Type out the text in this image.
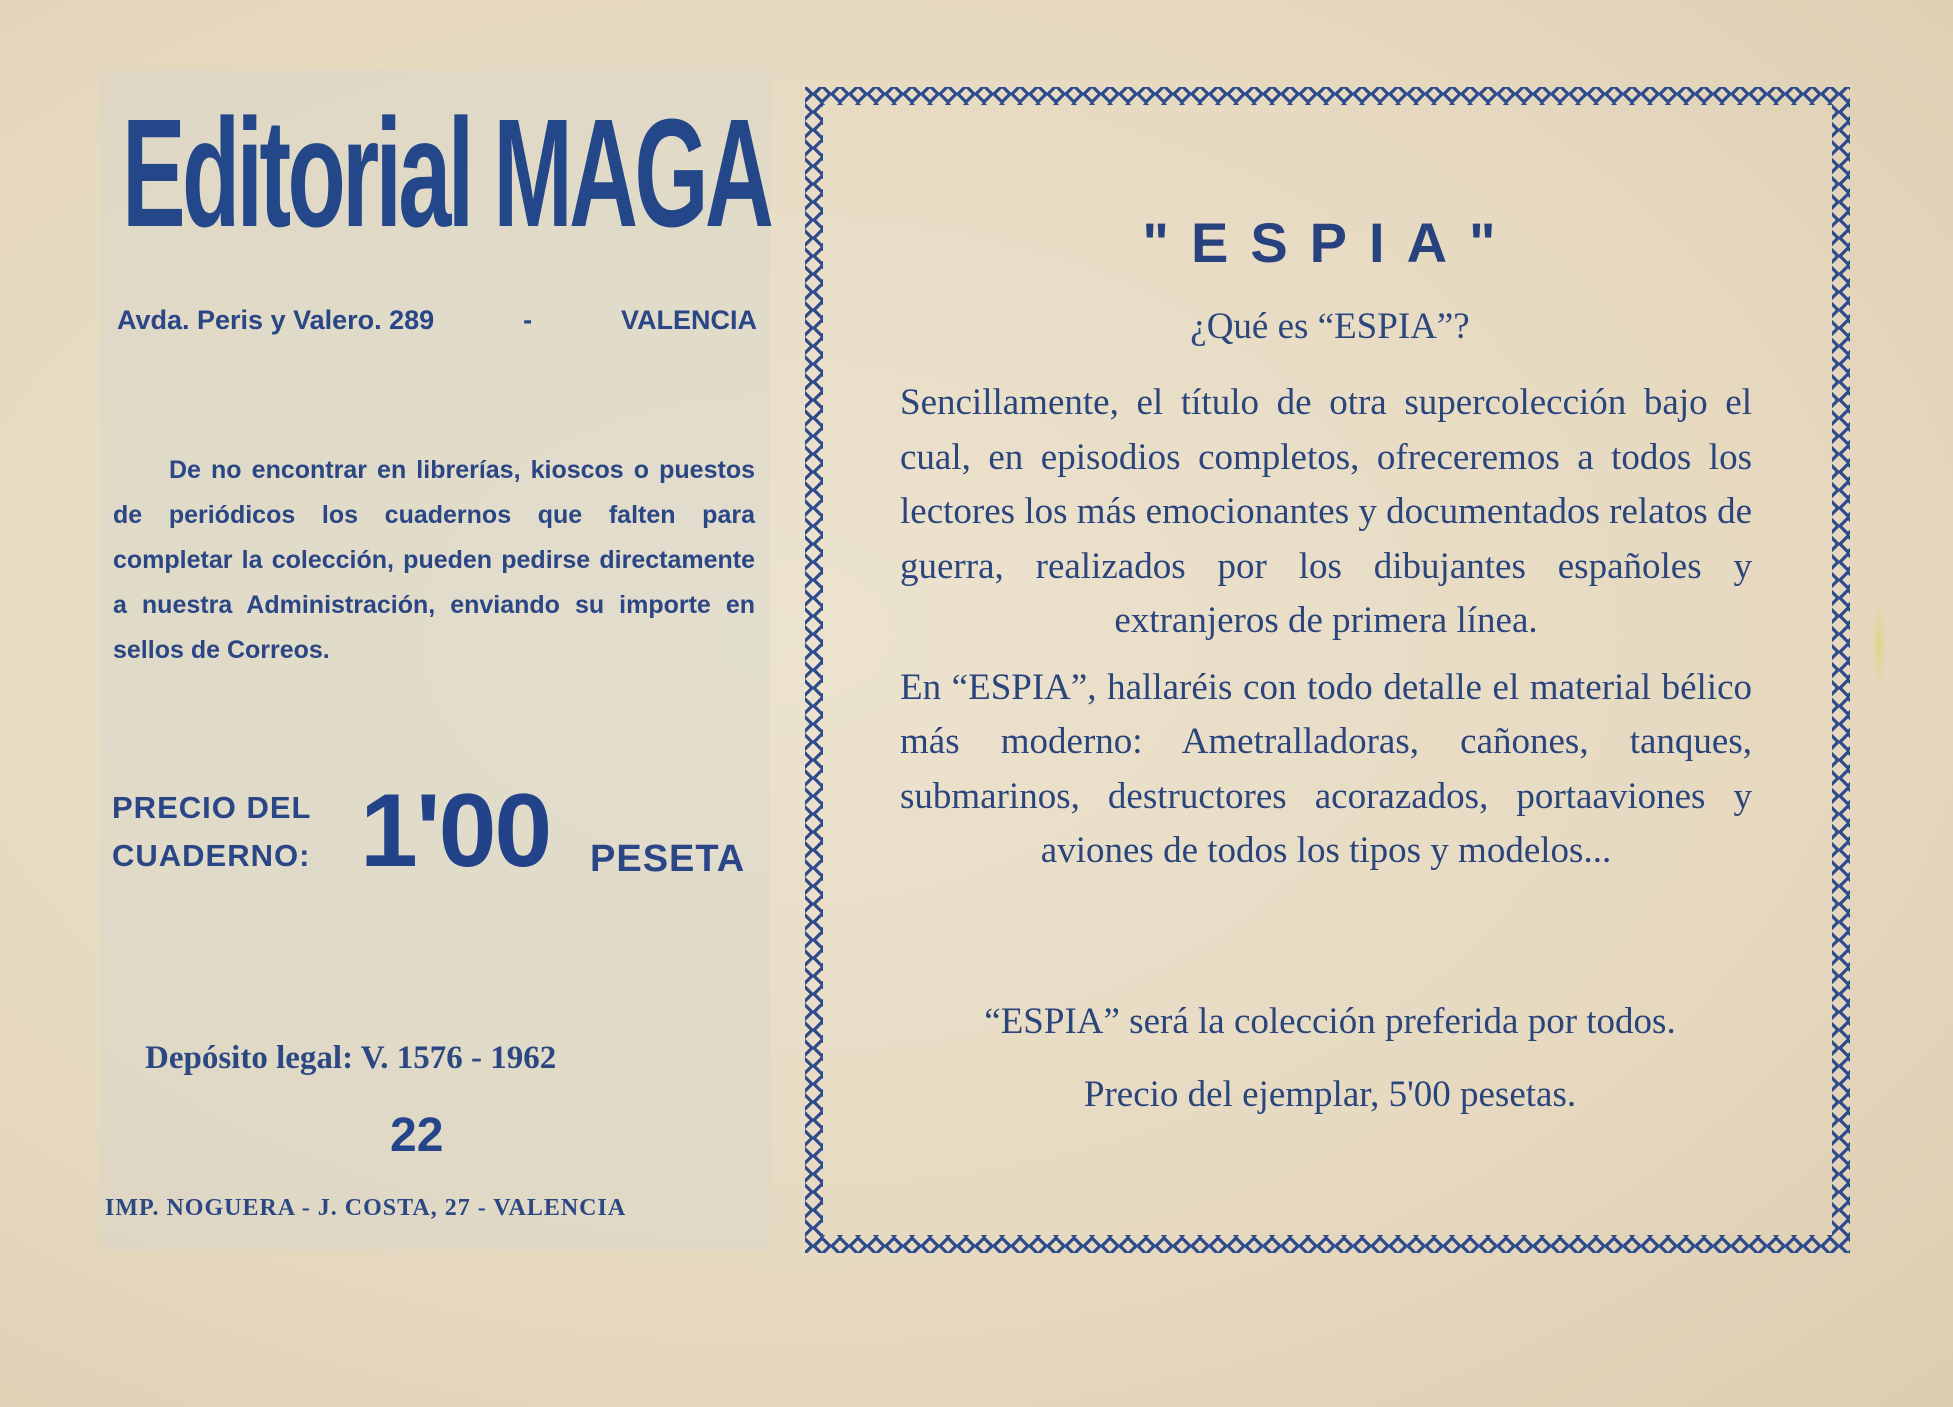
Editorial MAGA
Avda. Peris y Valero. 289	-	VALENCIA

De no encontrar en librerías, kioscos o puestos de periódicos los cuadernos que falten para completar la colección, pueden pedirse directamente a nuestra Administración, enviando su importe en sellos de Correos.

PRECIO DEL
CUADERNO: 1'00 PESETA
Depósito legal: V. 1576 - 1962
22
IMP. NOGUERA - J. COSTA, 27 - VALENCIA
"ESPIA"
¿Qué es “ESPIA”?

Sencillamente, el título de otra supercolección bajo el cual, en episodios completos, ofreceremos a todos los lectores los más emocionantes y documentados relatos de guerra, realizados por los dibujantes españoles y extranjeros de primera línea.

En “ESPIA”, hallaréis con todo detalle el material bélico más moderno: Ametralladoras, cañones, tanques, submarinos, destructores acorazados, portaaviones y aviones de todos los tipos y modelos...

“ESPIA” será la colección preferida por todos.
Precio del ejemplar, 5'00 pesetas.
